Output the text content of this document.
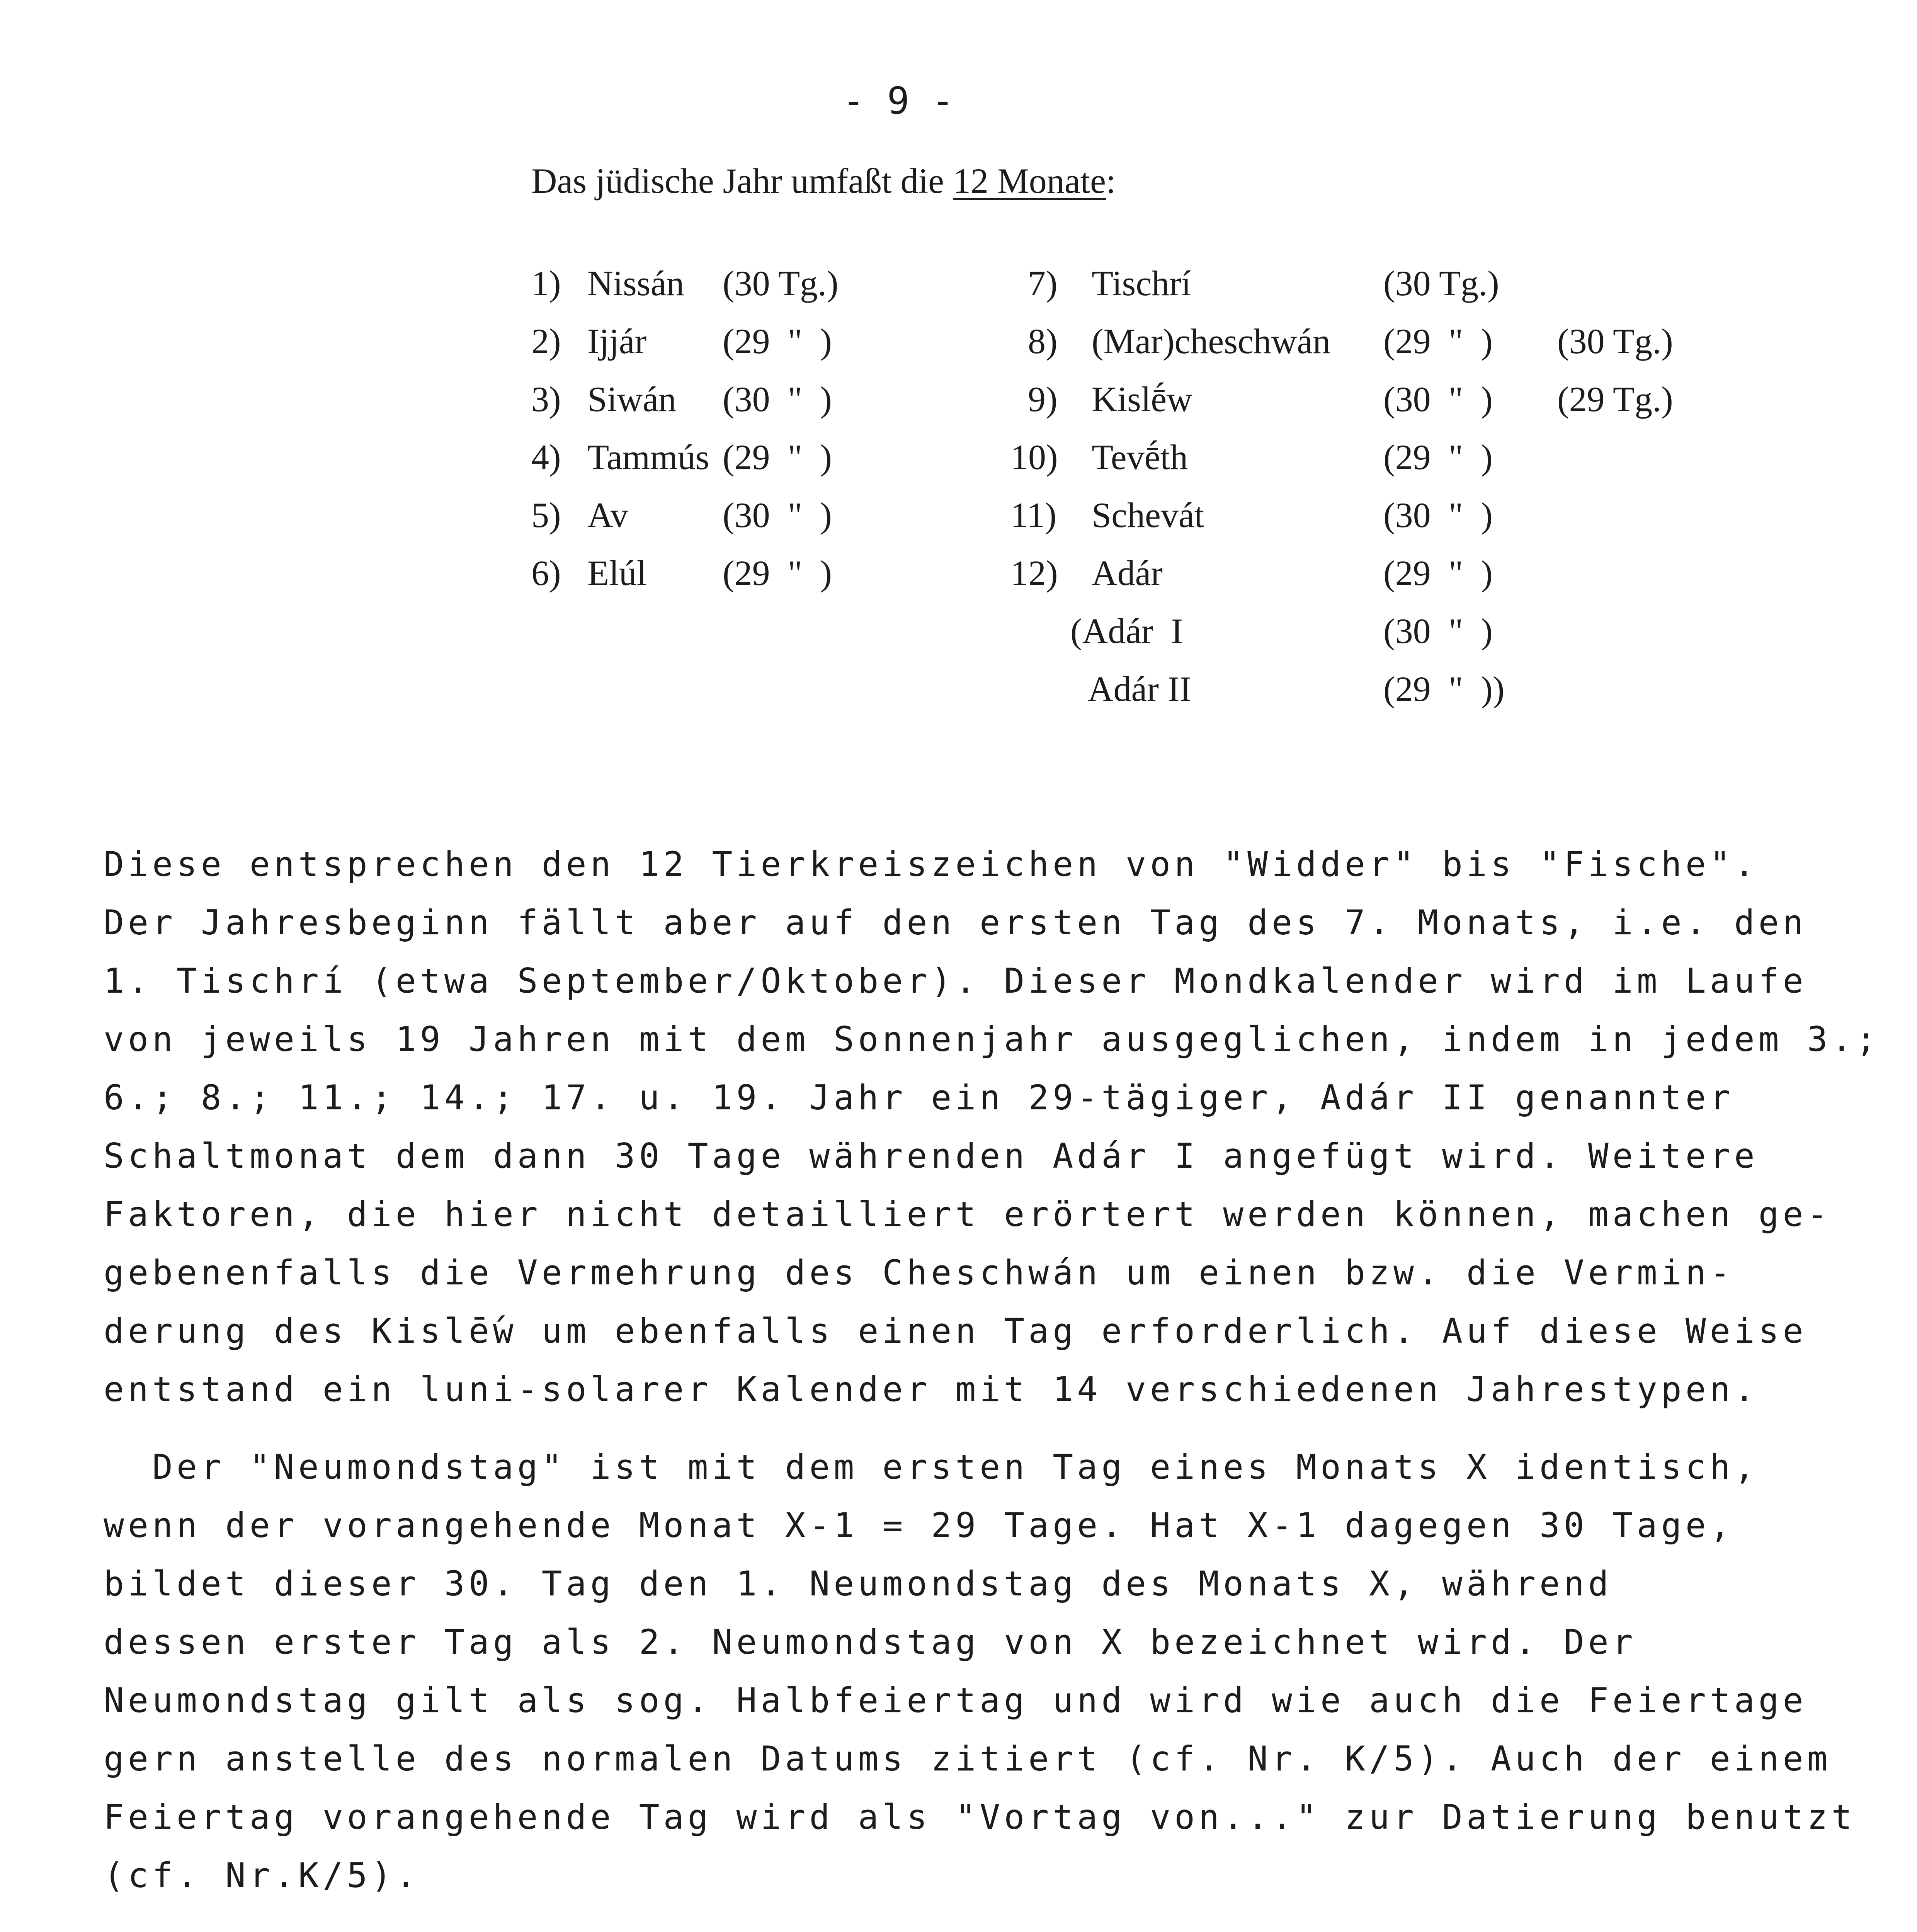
- 9 -
Das jüdische Jahr umfaßt die 12 Monate:
1) Nissán (30 Tg.)
2) Ijjár (29  "  )
3) Siwán (30  "  )
4) Tammús (29  "  )
5) Av	(30  "  )
6) Elúl (29  "  )
7) Tischrí	(30 Tg.)
8) (Mar)cheschwán (29  "  ) (30 Tg.)
9) Kislḗw	(30  "  ) (29 Tg.)
10) Tevḗth	(29  "  )
11) Schevát	(30  "  )
12) Adár	(29  "  )
(Adár  I	(30  "  )
Adár II	(29  "  ))
Diese entsprechen den 12 Tierkreiszeichen von "Widder" bis "Fische".
Der Jahresbeginn fällt aber auf den ersten Tag des 7. Monats, i.e. den
1. Tischrí (etwa September/Oktober). Dieser Mondkalender wird im Laufe
von jeweils 19 Jahren mit dem Sonnenjahr ausgeglichen, indem in jedem 3.;
6.; 8.; 11.; 14.; 17. u. 19. Jahr ein 29-tägiger, Adár II genannter
Schaltmonat dem dann 30 Tage währenden Adár I angefügt wird. Weitere
Faktoren, die hier nicht detailliert erörtert werden können, machen ge-
gebenenfalls die Vermehrung des Cheschwán um einen bzw. die Vermin-
derung des Kislḗw um ebenfalls einen Tag erforderlich. Auf diese Weise
entstand ein luni-solarer Kalender mit 14 verschiedenen Jahrestypen.
Der "Neumondstag" ist mit dem ersten Tag eines Monats X identisch,
wenn der vorangehende Monat X-1 = 29 Tage. Hat X-1 dagegen 30 Tage,
bildet dieser 30. Tag den 1. Neumondstag des Monats X, während
dessen erster Tag als 2. Neumondstag von X bezeichnet wird. Der
Neumondstag gilt als sog. Halbfeiertag und wird wie auch die Feiertage
gern anstelle des normalen Datums zitiert (cf. Nr. K/5). Auch der einem
Feiertag vorangehende Tag wird als "Vortag von..." zur Datierung benutzt
(cf. Nr.K/5).
